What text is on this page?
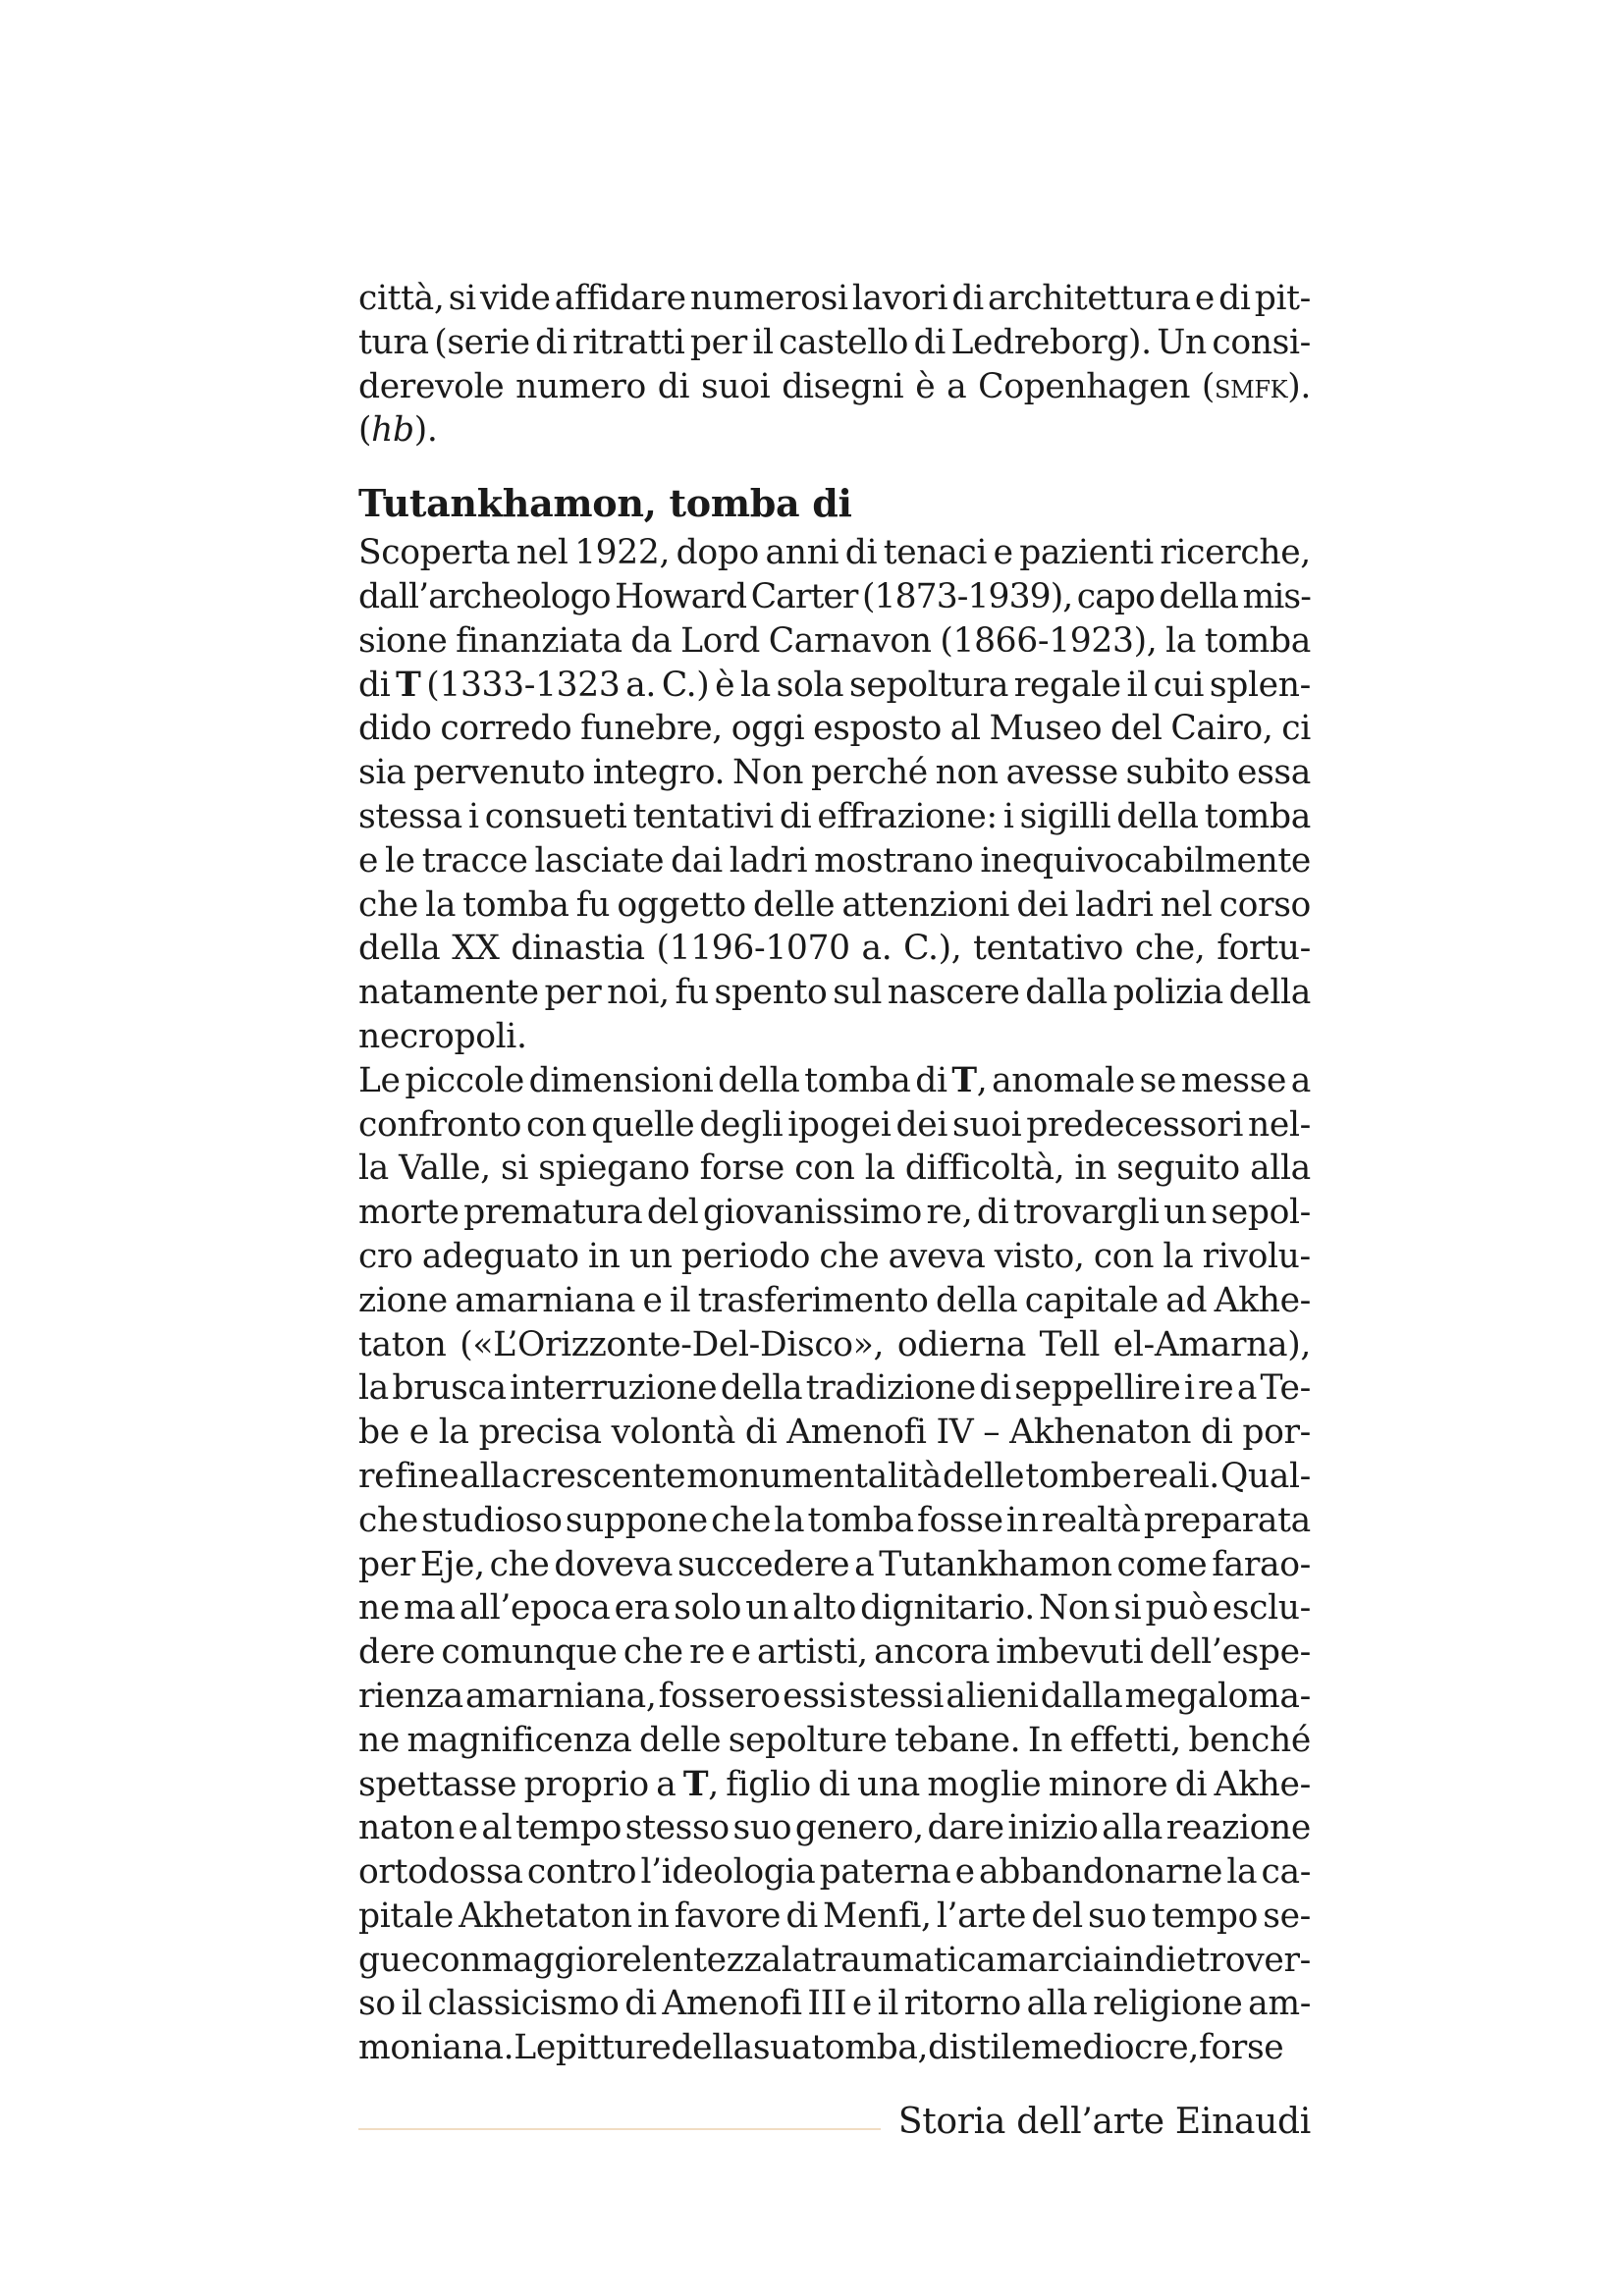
città, si vide affidare numerosi lavori di architettura e di pit-
tura (serie di ritratti per il castello di Ledreborg). Un consi-
derevole numero di suoi disegni è a Copenhagen (smfk).
(hb).
Tutankhamon, tomba di
Scoperta nel 1922, dopo anni di tenaci e pazienti ricerche,
dall’archeologo Howard Carter (1873-1939), capo della mis-
sione finanziata da Lord Carnavon (1866-1923), la tomba
di T (1333-1323 a. C.) è la sola sepoltura regale il cui splen-
dido corredo funebre, oggi esposto al Museo del Cairo, ci
sia pervenuto integro. Non perché non avesse subito essa
stessa i consueti tentativi di effrazione: i sigilli della tomba
e le tracce lasciate dai ladri mostrano inequivocabilmente
che la tomba fu oggetto delle attenzioni dei ladri nel corso
della XX dinastia (1196-1070 a. C.), tentativo che, fortu-
natamente per noi, fu spento sul nascere dalla polizia della
necropoli.
Le piccole dimensioni della tomba di T, anomale se messe a
confronto con quelle degli ipogei dei suoi predecessori nel-
la Valle, si spiegano forse con la difficoltà, in seguito alla
morte prematura del giovanissimo re, di trovargli un sepol-
cro adeguato in un periodo che aveva visto, con la rivolu-
zione amarniana e il trasferimento della capitale ad Akhe-
taton («L’Orizzonte-Del-Disco», odierna Tell el-Amarna),
la brusca interruzione della tradizione di seppellire i re a Te-
be e la precisa volontà di Amenofi IV – Akhenaton di por-
re fine alla crescente monumentalità delle tombe reali. Qual-
che studioso suppone che la tomba fosse in realtà preparata
per Eje, che doveva succedere a Tutankhamon come farao-
ne ma all’epoca era solo un alto dignitario. Non si può esclu-
dere comunque che re e artisti, ancora imbevuti dell’espe-
rienza amarniana, fossero essi stessi alieni dalla megaloma-
ne magnificenza delle sepolture tebane. In effetti, benché
spettasse proprio a T, figlio di una moglie minore di Akhe-
naton e al tempo stesso suo genero, dare inizio alla reazione
ortodossa contro l’ideologia paterna e abbandonarne la ca-
pitale Akhetaton in favore di Menfi, l’arte del suo tempo se-
gue con maggiore lentezza la traumatica marcia indietro ver-
so il classicismo di Amenofi III e il ritorno alla religione am-
moniana. Le pitture della sua tomba, di stile mediocre, forse
Storia dell’arte Einaudi
